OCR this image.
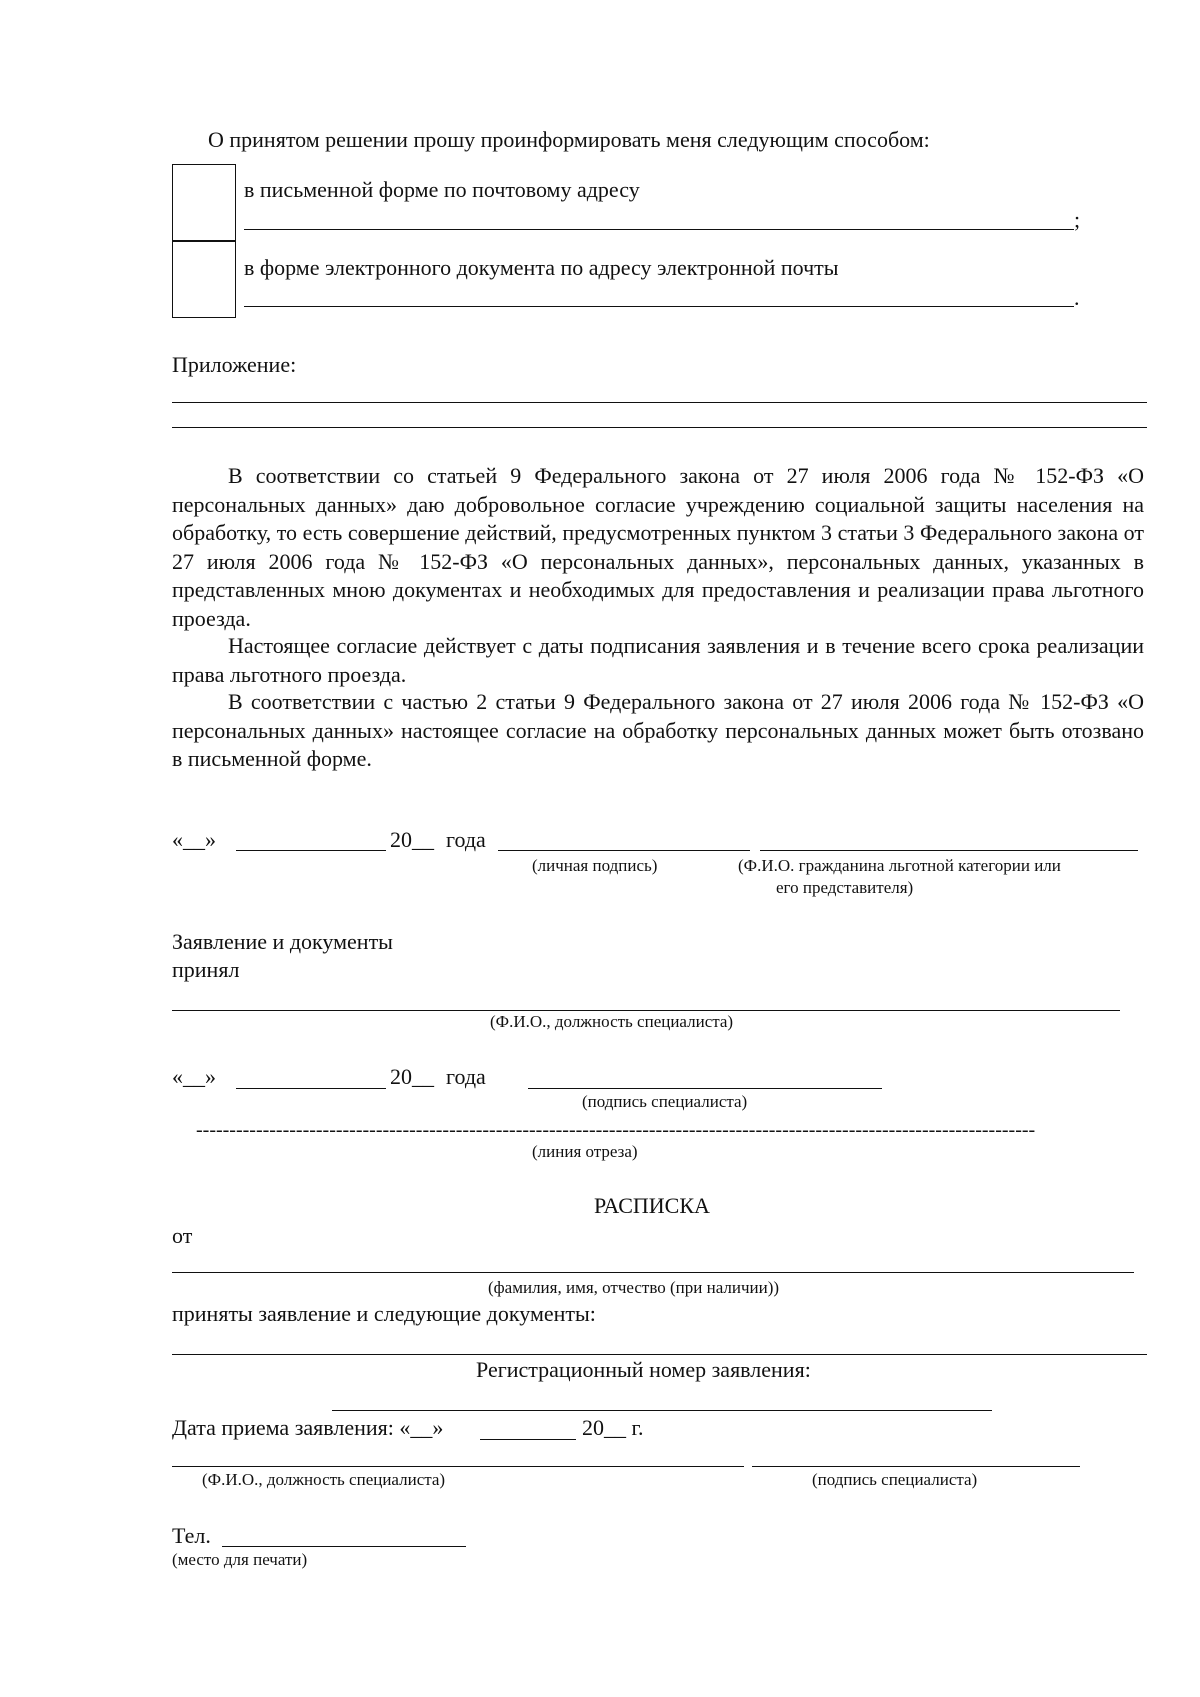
О принятом решении прошу проинформировать меня следующим способом:
в письменной форме по почтовому адресу
;
в форме электронного документа по адресу электронной почты
.
Приложение:

В соответствии со статьей 9 Федерального закона от 27 июля 2006 года № 152-ФЗ «О персональных данных» даю добровольное согласие учреждению социальной защиты населения на обработку, то есть совершение действий, предусмотренных пунктом 3 статьи 3 Федерального закона от 27 июля 2006 года № 152-ФЗ «О персональных данных», персональных данных, указанных в представленных мною документах и необходимых для предоставления и реализации права льготного проезда.

Настоящее согласие действует с даты подписания заявления и в течение всего срока реализации права льготного проезда.

В соответствии с частью 2 статьи 9 Федерального закона от 27 июля 2006 года № 152-ФЗ «О персональных данных» настоящее согласие на обработку персональных данных может быть отозвано в письменной форме.

«__»	20__ года
(личная подпись)	(Ф.И.О. гражданина льготной категории или
его представителя)
Заявление и документы
принял
(Ф.И.О., должность специалиста)
«__»	20__ года
(подпись специалиста)
------------------------------------------------------------------------------------------------------------------------------
(линия отреза)
РАСПИСКА
от
(фамилия, имя, отчество (при наличии))
приняты заявление и следующие документы:
Регистрационный номер заявления:
Дата приема заявления: «__»	20__ г.
(Ф.И.О., должность специалиста)	(подпись специалиста)
Тел.
(место для печати)
